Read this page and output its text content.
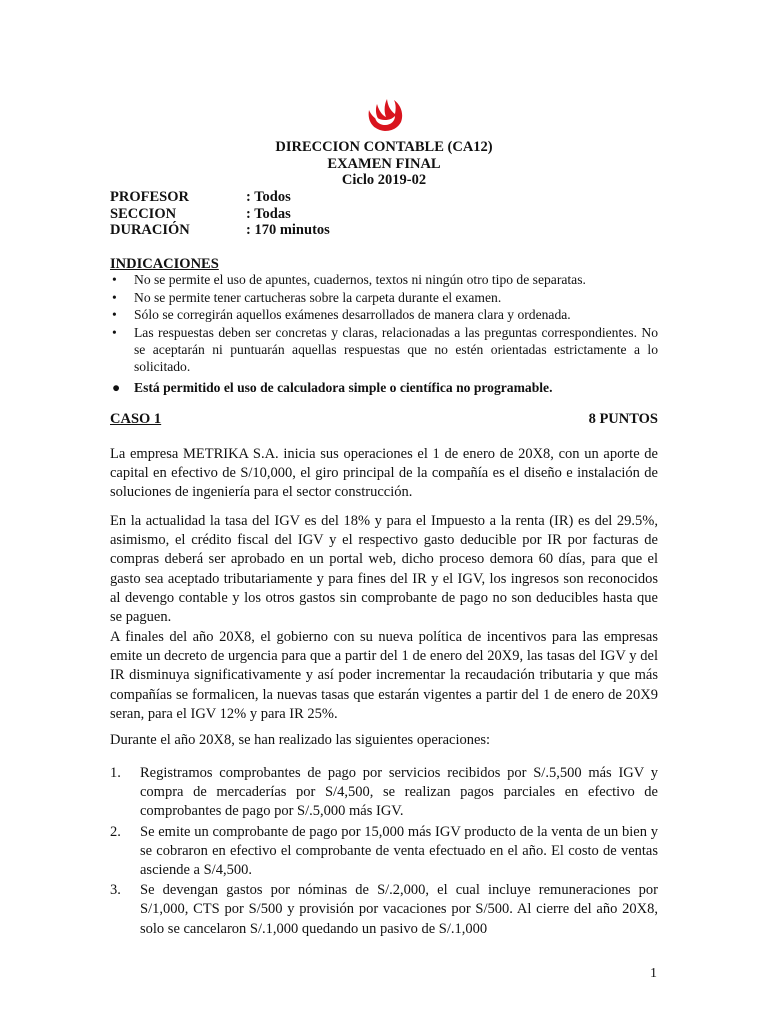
DIRECCION CONTABLE (CA12)
EXAMEN FINAL
Ciclo 2019-02
PROFESOR	: Todos
SECCION	: Todas
DURACIÓN	: 170 minutos
INDICACIONES
• No se permite el uso de apuntes, cuadernos, textos ni ningún otro tipo de separatas.
• No se permite tener cartucheras sobre la carpeta durante el examen.
• Sólo se corregirán aquellos exámenes desarrollados de manera clara y ordenada.
• Las respuestas deben ser concretas y claras, relacionadas a las preguntas correspondientes. No se aceptarán ni puntuarán aquellas respuestas que no estén orientadas estrictamente a lo solicitado.
● Está permitido el uso de calculadora simple o científica no programable.
CASO 1	8 PUNTOS
La empresa METRIKA S.A. inicia sus operaciones el 1 de enero de 20X8, con un aporte de capital en efectivo de S/10,000, el giro principal de la compañía es el diseño e instalación de soluciones de ingeniería para el sector construcción.
En la actualidad la tasa del IGV es del 18% y para el Impuesto a la renta (IR) es del 29.5%, asimismo, el crédito fiscal del IGV y el respectivo gasto deducible por IR por facturas de compras deberá ser aprobado en un portal web, dicho proceso demora 60 días, para que el gasto sea aceptado tributariamente y para fines del IR y el IGV, los ingresos son reconocidos al devengo contable y los otros gastos sin comprobante de pago no son deducibles hasta que se paguen.
A finales del año 20X8, el gobierno con su nueva política de incentivos para las empresas emite un decreto de urgencia para que a partir del 1 de enero del 20X9, las tasas del IGV y del IR disminuya significativamente y así poder incrementar la recaudación tributaria y que más compañías se formalicen, la nuevas tasas que estarán vigentes a partir del 1 de enero de 20X9 seran, para el IGV 12% y para IR 25%.
Durante el año 20X8, se han realizado las siguientes operaciones:
1. Registramos comprobantes de pago por servicios recibidos por S/.5,500 más IGV y compra de mercaderías por S/4,500, se realizan pagos parciales en efectivo de comprobantes de pago por S/.5,000 más IGV.
2. Se emite un comprobante de pago por 15,000 más IGV producto de la venta de un bien y se cobraron en efectivo el comprobante de venta efectuado en el año. El costo de ventas asciende a S/4,500.
3. Se devengan gastos por nóminas de S/.2,000, el cual incluye remuneraciones por S/1,000, CTS por S/500 y provisión por vacaciones por S/500. Al cierre del año 20X8, solo se cancelaron S/.1,000 quedando un pasivo de S/.1,000
1
